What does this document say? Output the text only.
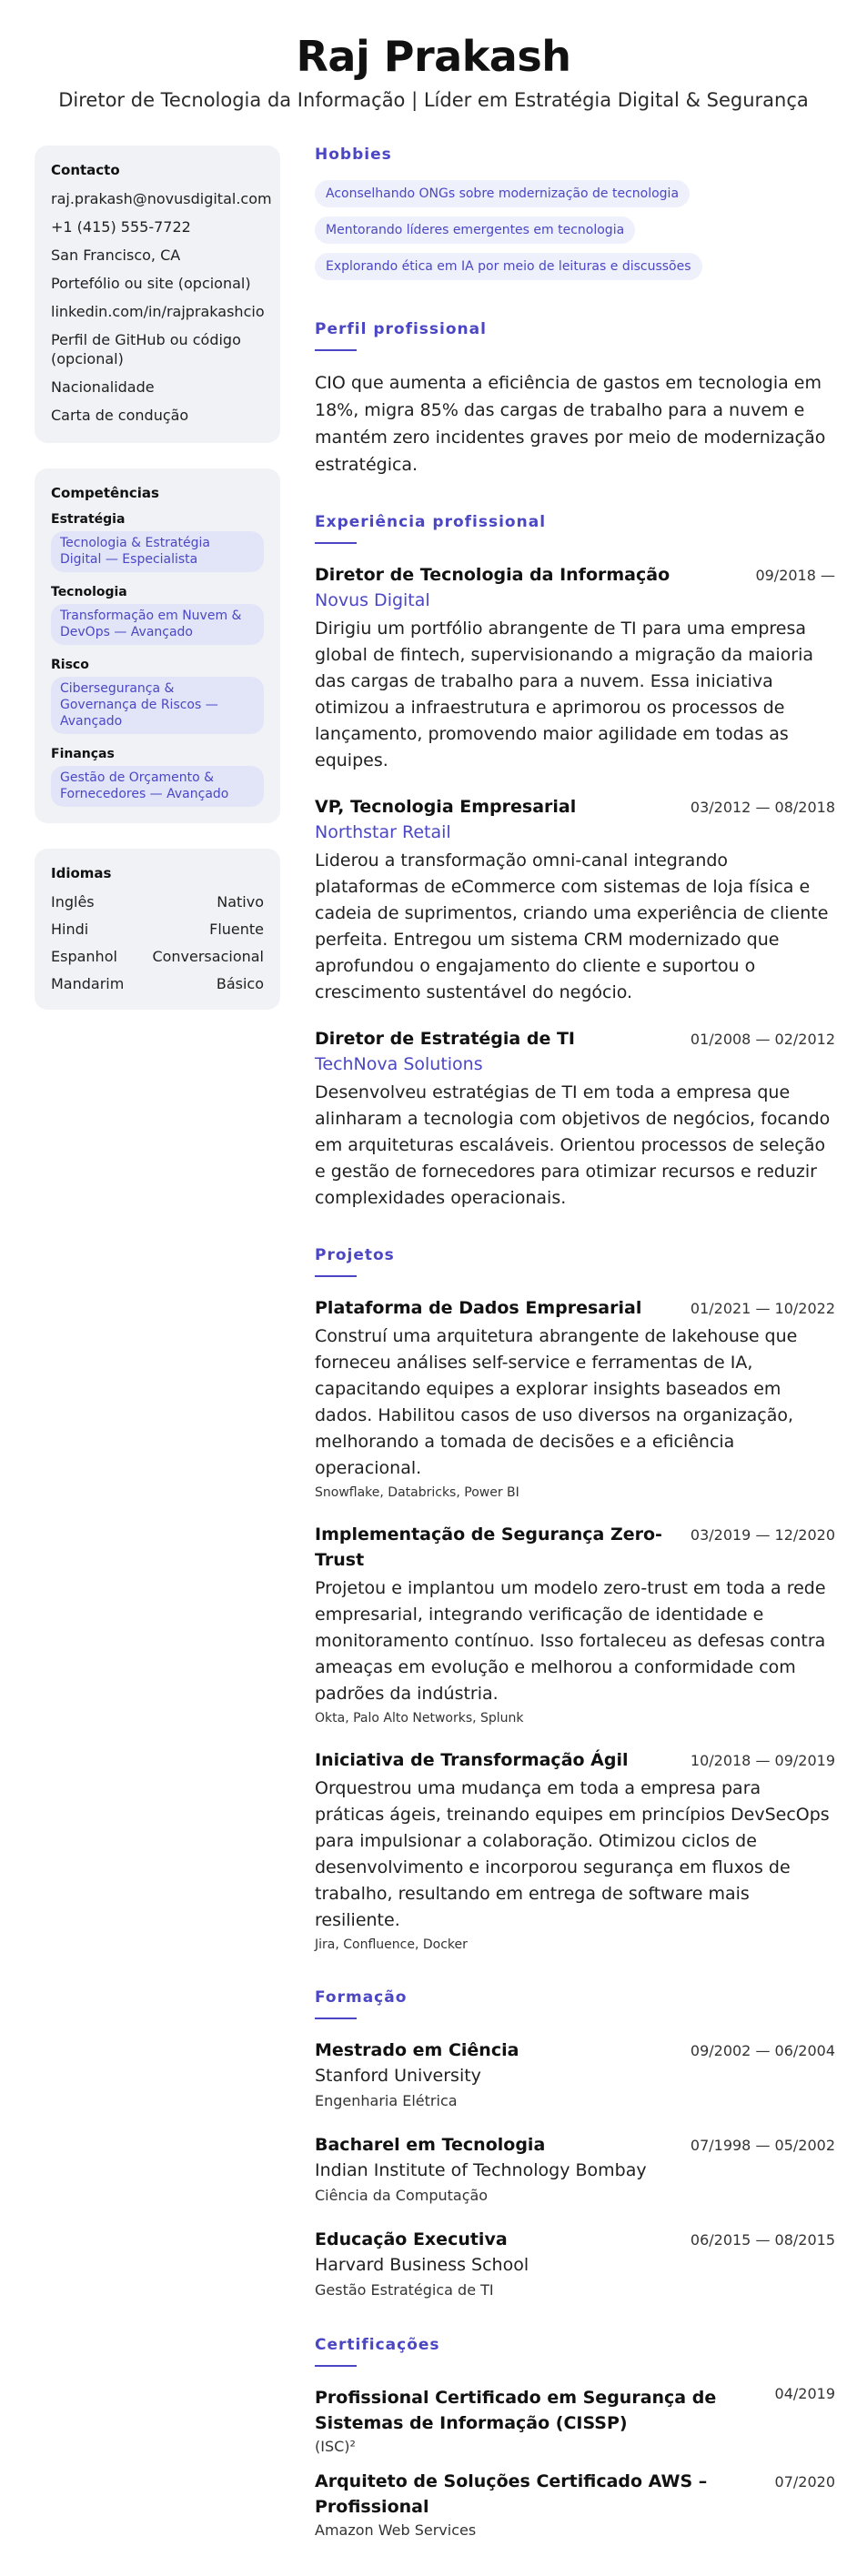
Raj Prakash
Diretor de Tecnologia da Informação | Líder em Estratégia Digital & Segurança
Contacto
raj.prakash@novusdigital.com
+1 (415) 555-7722
San Francisco, CA
Portefólio ou site (opcional)
linkedin.com/in/rajprakashcio
Perfil de GitHub ou código (opcional)
Nacionalidade
Carta de condução
Competências
Estratégia
Tecnologia & Estratégia Digital — Especialista
Tecnologia
Transformação em Nuvem & DevOps — Avançado
Risco
Cibersegurança & Governança de Riscos — Avançado
Finanças
Gestão de Orçamento & Fornecedores — Avançado
Idiomas
Inglês	Nativo
Hindi	Fluente
Espanhol Conversacional
Mandarim	Básico
Hobbies
Aconselhando ONGs sobre modernização de tecnologia
Mentorando líderes emergentes em tecnologia
Explorando ética em IA por meio de leituras e discussões
Perfil profissional
CIO que aumenta a eficiência de gastos em tecnologia em 18%, migra 85% das cargas de trabalho para a nuvem e mantém zero incidentes graves por meio de modernização estratégica.
Experiência profissional
Diretor de Tecnologia da Informação	09/2018 —
Novus Digital
Dirigiu um portfólio abrangente de TI para uma empresa global de fintech, supervisionando a migração da maioria das cargas de trabalho para a nuvem. Essa iniciativa otimizou a infraestrutura e aprimorou os processos de lançamento, promovendo maior agilidade em todas as equipes.
VP, Tecnologia Empresarial	03/2012 — 08/2018
Northstar Retail
Liderou a transformação omni-canal integrando plataformas de eCommerce com sistemas de loja física e cadeia de suprimentos, criando uma experiência de cliente perfeita. Entregou um sistema CRM modernizado que aprofundou o engajamento do cliente e suportou o crescimento sustentável do negócio.
Diretor de Estratégia de TI	01/2008 — 02/2012
TechNova Solutions
Desenvolveu estratégias de TI em toda a empresa que alinharam a tecnologia com objetivos de negócios, focando em arquiteturas escaláveis. Orientou processos de seleção e gestão de fornecedores para otimizar recursos e reduzir complexidades operacionais.
Projetos
Plataforma de Dados Empresarial	01/2021 — 10/2022
Construí uma arquitetura abrangente de lakehouse que forneceu análises self-service e ferramentas de IA, capacitando equipes a explorar insights baseados em dados. Habilitou casos de uso diversos na organização, melhorando a tomada de decisões e a eficiência operacional.
Snowflake, Databricks, Power BI
Implementação de Segurança Zero-Trust
03/2019 — 12/2020
Projetou e implantou um modelo zero-trust em toda a rede empresarial, integrando verificação de identidade e monitoramento contínuo. Isso fortaleceu as defesas contra ameaças em evolução e melhorou a conformidade com padrões da indústria.
Okta, Palo Alto Networks, Splunk
Iniciativa de Transformação Ágil	10/2018 — 09/2019
Orquestrou uma mudança em toda a empresa para práticas ágeis, treinando equipes em princípios DevSecOps para impulsionar a colaboração. Otimizou ciclos de desenvolvimento e incorporou segurança em fluxos de trabalho, resultando em entrega de software mais resiliente.
Jira, Confluence, Docker
Formação
Mestrado em Ciência	09/2002 — 06/2004
Stanford University
Engenharia Elétrica
Bacharel em Tecnologia	07/1998 — 05/2002
Indian Institute of Technology Bombay
Ciência da Computação
Educação Executiva	06/2015 — 08/2015
Harvard Business School
Gestão Estratégica de TI
Certificações
Profissional Certificado em Segurança de Sistemas de Informação (CISSP)
04/2019
(ISC)²
Arquiteto de Soluções Certificado AWS – Profissional
07/2020
Amazon Web Services
